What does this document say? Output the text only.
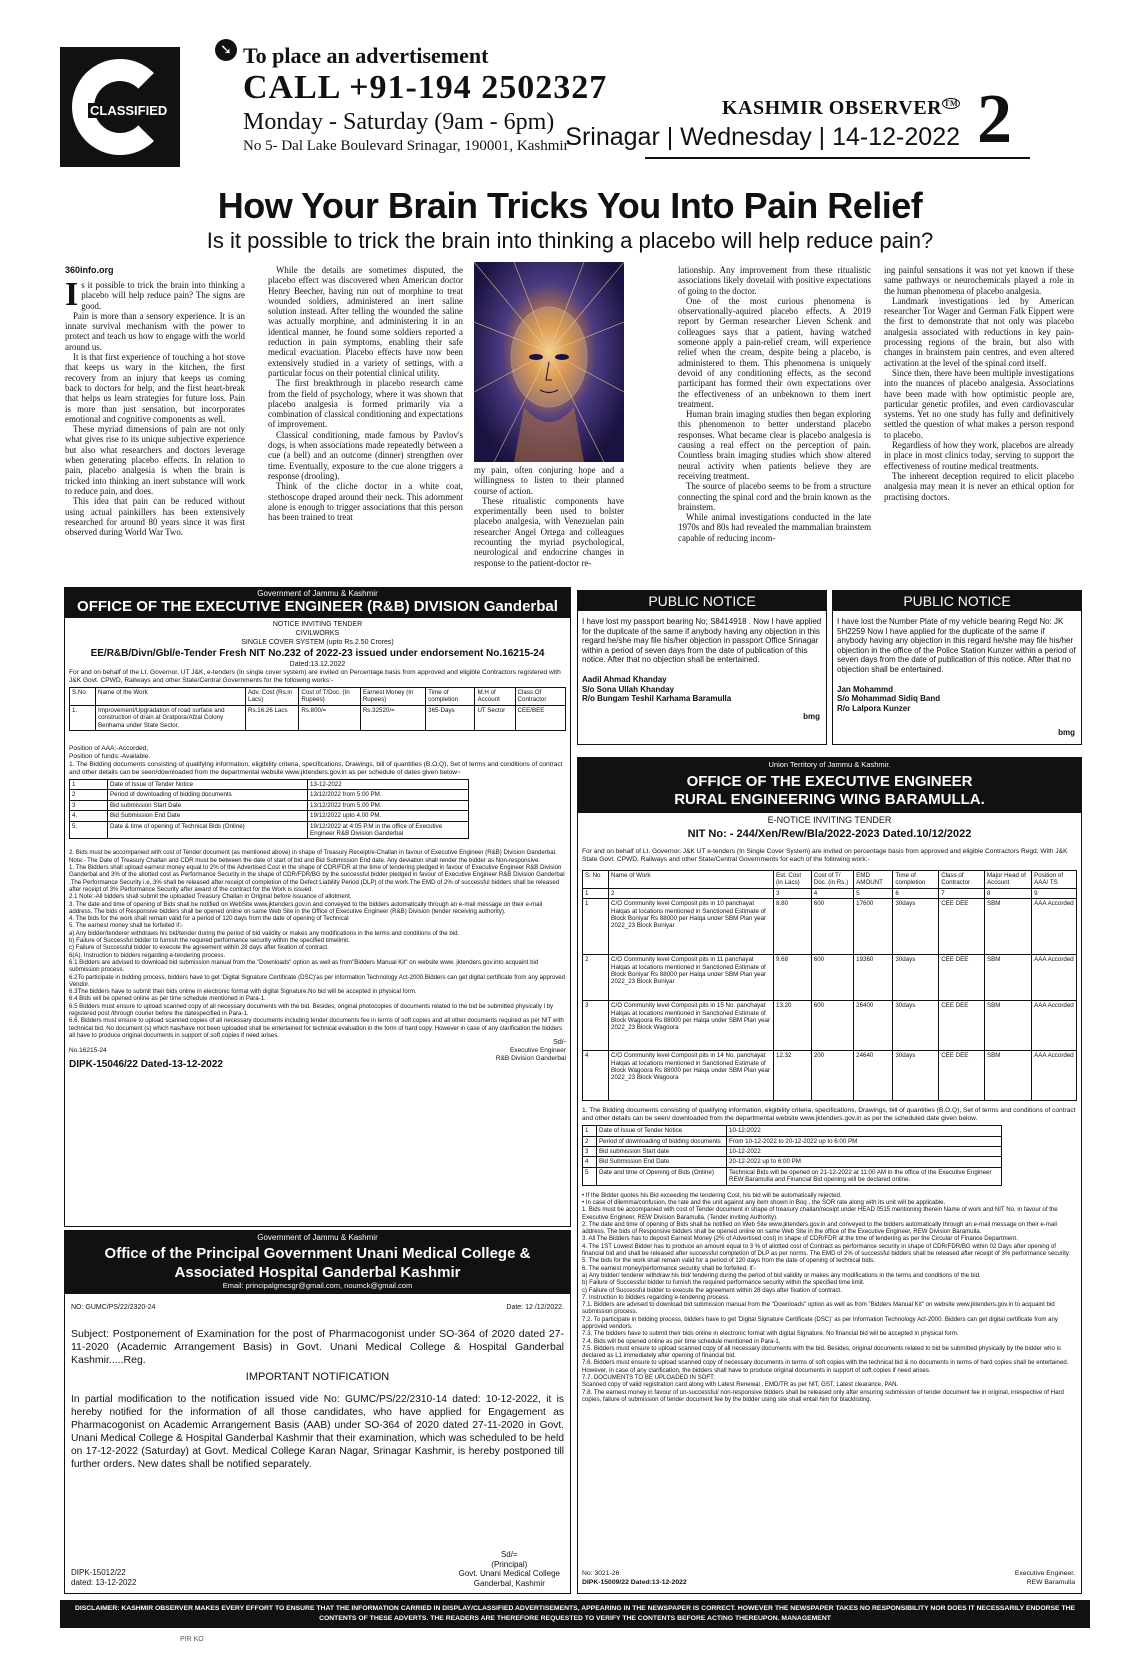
CLASSIFIED
➘ To place an advertisement
CALL +91-194 2502327
Monday - Saturday (9am - 6pm)
No 5- Dal Lake Boulevard Srinagar, 190001, Kashmir
KASHMIR OBSERVER ™
Srinagar | Wednesday | 14-12-2022 2
How Your Brain Tricks You Into Pain Relief
Is it possible to trick the brain into thinking a placebo will help reduce pain?
360info.org
I s it possible to trick the brain into thinking a placebo will help reduce pain? The signs are good.

Pain is more than a sensory experience. It is an innate survival mechanism with the power to protect and teach us how to engage with the world around us.

It is that first experience of touching a hot stove that keeps us wary in the kitchen, the first recovery from an injury that keeps us coming back to doctors for help, and the first heart-break that helps us learn strategies for future loss. Pain is more than just sensation, but incorporates emotional and cognitive components as well.

These myriad dimensions of pain are not only what gives rise to its unique subjective experience but also what researchers and doctors leverage when generating placebo effects. In relation to pain, placebo analgesia is when the brain is tricked into thinking an inert substance will work to reduce pain, and does.

This idea that pain can be reduced without using actual painkillers has been extensively researched for around 80 years since it was first observed during World War Two.

While the details are sometimes disputed, the placebo effect was discovered when American doctor Henry Beecher, having run out of morphine to treat wounded soldiers, administered an inert saline solution instead. After telling the wounded the saline was actually morphine, and administering it in an identical manner, he found some soldiers reported a reduction in pain symptoms, enabling their safe medical evacuation. Placebo effects have now been extensively studied in a variety of settings, with a particular focus on their potential clinical utility.

The first breakthrough in placebo research came from the field of psychology, where it was shown that placebo analgesia is formed primarily via a combination of classical conditioning and expectations of improvement.

Classical conditioning, made famous by Pavlov's dogs, is when associations made repeatedly between a cue (a bell) and an outcome (dinner) strengthen over time. Eventually, exposure to the cue alone triggers a response (drooling).

Think of the cliche doctor in a white coat, stethoscope draped around their neck. This adornment alone is enough to trigger associations that this person has been trained to treat

my pain, often conjuring hope and a willingness to listen to their planned course of action.

These ritualistic components have experimentally been used to bolster placebo analgesia, with Venezuelan pain researcher Angel Ortega and colleagues recounting the myriad psychological, neurological and endocrine changes in response to the patient-doctor re-

lationship. Any improvement from these ritualistic associations likely dovetail with positive expectations of going to the doctor.

One of the most curious phenomena is observationally-aquired placebo effects. A 2019 report by German researcher Lieven Schenk and colleagues says that a patient, having watched someone apply a pain-relief cream, will experience relief when the cream, despite being a placebo, is administered to them. This phenomena is uniquely devoid of any conditioning effects, as the second participant has formed their own expectations over the effectiveness of an unbeknown to them inert treatment.

Human brain imaging studies then began exploring this phenomenon to better understand placebo responses. What became clear is placebo analgesia is causing a real effect on the perception of pain. Countless brain imaging studies which show altered neural activity when patients believe they are receiving treatment.

The source of placebo seems to be from a structure connecting the spinal cord and the brain known as the brainstem.

While animal investigations conducted in the late 1970s and 80s had revealed the mammalian brainstem capable of reducing incom-

ing painful sensations it was not yet known if these same pathways or neurochemicals played a role in the human phenomena of placebo analgesia.

Landmark investigations led by American researcher Tor Wager and German Falk Eippert were the first to demonstrate that not only was placebo analgesia associated with reductions in key pain-processing regions of the brain, but also with changes in brainstem pain centres, and even altered activation at the level of the spinal cord itself.

Since then, there have been multiple investigations into the nuances of placebo analgesia. Associations have been made with how optimistic people are, particular genetic profiles, and even cardiovascular systems. Yet no one study has fully and definitively settled the question of what makes a person respond to placebo.

Regardless of how they work, placebos are already in place in most clinics today, serving to support the effectiveness of routine medical treatments.

The inherent deception required to elicit placebo analgesia may mean it is never an ethical option for practising doctors.

Government of Jammu & Kashmir
OFFICE OF THE EXECUTIVE ENGINEER (R&B) DIVISION Ganderbal
NOTICE INVITING TENDER
CIVILWORKS
SINGLE COVER SYSTEM (upto Rs.2.50 Crores)
EE/R&B/Divn/Gbl/e-Tender Fresh NIT No.232 of 2022-23 issued under endorsement No.16215-24
Dated:13.12.2022
For and on behalf of the Lt. Governor, UT J&K, e-tenders (In single cover system) are invited on Percentage basis from approved and eligible Contractors registered with J&K Govt. CPWD, Railways and other State/Central Governments for the following works:-
S.No	Name of the Work	Adv. Cost (Rs.in Lacs)	Cost of T/Doc. (In Rupees)	Earnest Money (In Rupees)	Time of completion	M.H of Account	Class Of Contractor
1.	Improvement/Upgradation of road surface and construction of drain at Gratpora/Afzal Colony Benhama under State Sector.	Rs.16.26 Lacs	Rs.800/=	Rs.32520/=	365-Days	UT Sector	CEE/BEE
Position of AAA:-Accorded,
Position of funds:-Available.
1. The Bidding documents consisting of qualifying information, eligibility criteria, specifications, Drawings, bill of quantities (B.O.Q), Set of terms and conditions of contract and other details can be seen/downloaded from the departmental website www.jktenders.gov.in as per schedule of dates given below~
1	Date of Issue of Tender Notice	13-12-2022
2	Period of downloading of bidding documents	13/12/2022 from 5:00 PM.
3	Bid submission Start Date	13/12/2022 from 5.00 PM.
4.	Bid Submission End Date	19/12/2022 upto 4.00 PM.
5.	Date & time of opening of Technical Bids (Online)	19/12/2022 at 4:05 P.M in the office of Executive Engineer R&B Division Ganderbal
2. Bids must be accompanied with cost of Tender document (as mentioned above) in shape of Treasury Receipt/e-Challan in favour of Executive Engineer (R&B) Division Ganderbal.
Note:- The Date of Treasury Challan and CDR must be between the date of start of bid and Bid Submission End date. Any deviation shall render the bidder as Non-responsive.
1. The Bidders shall upload earnest money equal to 2% of the Advertised Cost in the shape of CDR/FDR at the time of tendering pledged in favour of Executive Engineer R&B Division Ganderbal and 3% of the allotted cost as Performance Security in the shape of CDR/FDR/BG by the successful bidder pledged in favour of Executive Engineer R&B Division Ganderbal .The Performance Security i.e, 3% shall be released after receipt of completion of the Defect Liability Period (DLP) of the work.The EMD of 2% of successful bidders shall be released after receipt of 3% Performance Security after award of the contract for the Work is issued.
2.1 Note:-All bidders shall submit the uploaded Treasury Challan in Original before issuance of allotment.
3. The date and time of opening of Bids shall be notified on WebSite www.jktenders.gov.in and conveyed to the bidders automatically through an e-mail message on their e-mail address. The bids of Responsive bidders shall be opened online on same Web Site in the Office of Executive Engineer (R&B) Division (tender receiving authority).
4. The bids for the work shall remain valid for a period of 120 days from the date of opening of Technical
5. The earnest money shall be forfeited if:-
a) Any bidder/tenderer withdraws his bid/tender during the period of bid validity or makes any modifications in the terms and conditions of the bid.
b) Failure of Successful bidder to furnish the required performance security within the specified timelimit.
c) Failure of Successful bidder to execute the agreement within 28 days after fixation of contract.
6(A). Instruction to bidders regarding e-tendering process.
6.1 Bidders are advised to download bid submission manual from the "Downloads" option as well as from"Bidders Manual Kit" on website www. jktenders.gov.into acquaint bid submission process.
6.2To participate in bidding process, bidders have to get 'Digital Signature Certificate (DSC)'as per information Technology Act-2000.Bidders can get digital certificate from any approved Vendor.
6.3The bidders have to submit their bids online in electronic format with digital Signature.No bid will be accepted in physical form.
6.4 Bids will be opened online as per time schedule mentioned in Para-1.
6.5 Bidders must ensure to upload scanned copy of all necessary documents with the bid. Besides, original photocopies of documents related to the bid be submitted physically l by registered post /through courier before the datespecified in Para-1.
6.6. Bidders must ensure to upload scanned copies of all necessary documents including tender documents fee in terms of soft copies and all other documents required as per NIT with technical bid. No document (s) which has/have not been uploaded shall be entertained for technical evaluation in the form of hard copy. However in case of any clarification the bidders all have to produce original documents in support of soft copies if need arises.
Sd/-
No.16215-24	Executive Engineer
R&B Division Ganderbal
DIPK-15046/22 Dated-13-12-2022
Government of Jammu & Kashmir
Office of the Principal Government Unani Medical College &
Associated Hospital Ganderbal Kashmir
Email: principalgmcsgr@gmail.com, noumck@gmail.com
NO: GUMC/PS/22/2320-24	Date: 12 /12/2022.
Subject: Postponement of Examination for the post of Pharmacogonist under SO-364 of 2020 dated 27-11-2020 (Academic Arrangement Basis) in Govt. Unani Medical College & Hospital Ganderbal Kashmir.....Reg.
IMPORTANT NOTIFICATION
In partial modification to the notification issued vide No: GUMC/PS/22/2310-14 dated: 10-12-2022, it is hereby notified for the information of all those candidates, who have applied for Engagement as Pharmacogonist on Academic Arrangement Basis (AAB) under SO-364 of 2020 dated 27-11-2020 in Govt. Unani Medical College & Hospital Ganderbal Kashmir that their examination, which was scheduled to be held on 17-12-2022 (Saturday) at Govt. Medical College Karan Nagar, Srinagar Kashmir, is hereby postponed till further orders. New dates shall be notified separately.
Sd/=
(Principal)
Govt. Unani Medical College
Ganderbal, Kashmir
DIPK-15012/22
dated: 13-12-2022
PUBLIC NOTICE
I have lost my passport bearing No; S8414918 . Now I have applied for the duplicate of the same if anybody having any objection in this regard he/she may file his/her objection in passport Office Srinagar within a period of seven days from the date of publication of this notice. After that no objection shall be entertained.
Aadil Ahmad Khanday
S/o Sona Ullah Khanday
R/o Bungam Teshil Karhama Baramulla
bmg
PUBLIC NOTICE
I have lost the Number Plate of my vehicle bearing Regd No: JK 5H2259 Now I have applied for the duplicate of the same if anybody having any objection in this regard he/she may file his/her objection in the office of the Police Station Kunzer within a period of seven days from the date of publication of this notice. After that no objection shall be entertained.
Jan Mohammd
S/o Mohammad Sidiq Band
R/o Lalpora Kunzer
bmg
Union Territory of Jammu & Kashmir.
OFFICE OF THE EXECUTIVE ENGINEER
RURAL ENGINEERING WING BARAMULLA.
E-NOTICE INVITING TENDER
NIT No: - 244/Xen/Rew/Bla/2022-2023 Dated.10/12/2022
For and on behalf of Lt. Governor, J&K UT e-tenders (In Single Cover System) are invited on percentage basis from approved and eligible Contractors Regd. With J&K State Govt. CPWD, Railways and other State/Central Governments for each of the following work:-
S. No	Name of Work	Est. Cost (in Lacs)	Cost of T/ Doc. (in Rs.)	EMD AMOUNT	Time of completion	Class of Contractor	Major Head of Account	Position of AAA/ TS
1	2	3	4	5	6	7	8	9
1	C/O Community level Composit pits in 10 panchayat Halqas at locations mentioned in Sanctioned Estimate of Block Boniyar Rs 88000 per Halqa under SBM Plan year 2022_23 Block Boniyar	8.80	600	17600	30days	CEE DEE	SBM	AAA Accorded
2	C/O Community level Composit pits in 11 panchayat Halqas at locations mentioned in Sanctioned Estimate of Block Boniyar Rs 88000 per Halqa under SBM Plan year 2022_23 Block Boniyar	9.68	600	19360	30days	CEE DEE	SBM	AAA Accorded
3	C/O Community level Composit pits in 15 No. panchayat Halqas at locations mentioned in Sanctioned Estimate of Block Wagoora Rs 88000 per Halqa under SBM Plan year 2022_23 Block Wagoora	13.20	600	26400	30days	CEE DEE	SBM	AAA Accorded
4	C/O Community level Composit pits in 14 No. panchayat Halqas at locations mentioned in Sanctioned Estimate of Block Wagoora Rs 88000 per Halqa under SBM Plan year 2022_23 Block Wagoora	12.32	200	24640	30days	CEE DEE	SBM	AAA Accorded
1. The Bidding documents consisting of qualifying information, eligibility criteria, specifications, Drawings, bill of quantities (B.O.Q), Set of terms and conditions of contract and other details can be seen/ downloaded from the departmental website www.jktenders.gov.in as per the scheduled date given below.
1	Date of Issue of Tender Notice	10-12-2022
2	Period of downloading of bidding documents	From 10-12-2022 to 20-12-2022 up to 6:00 PM
3	Bid submission Start date	10-12-2022
4	Bid Submission End Date	20-12-2022 up to 6:00 PM
5	Date and time of Opening of Bids (Online)	Technical Bids will be opened on 21-12-2022 at 11:00 AM in the office of the Executive Engineer REW Baramulla and Financial Bid opening will be declared online.
• If the Bidder quotes his Bid exceeding the tendering Cost, his bid will be automatically rejected.
• In case of dilemma/confusion, the rate and the unit against any item shown in Boq , the SOR rate along with its unit will be applicable.
1. Bids must be accompanied with cost of Tender document in shape of treasury challan/receipt under HEAD 0515 mentioning therein Name of work and NIT No. in favour of the Executive Engineer, REW Division Baramulla. (Tender inviting Authority).
2. The date and time of opening of Bids shall be notified on Web Site www.jktenders.gov.in and conveyed to the bidders automatically through an e-mail message on their e-mail address. The bids of Responsive bidders shall be opened online on same Web Site in the office of the Executive Engineer, REW Division Baramulla.
3. All The Bidders has to deposit Earnest Money (2% of Advertised cost) in shape of CDR/FDR at the time of tendering as per the Circular of Finance Department.
4. The 1ST Lowest Bidder has to produce an amount equal to 3 % of allotted cost of Contract as performance security in shape of CDR/FDR/BG within 02 Days after opening of financial bid and shall be released after successful completion of DLP as per norms. The EMD of 2% of successful bidders shall be released after receipt of 3% performance security.
5. The bids for the work shall remain valid for a period of 120 days from the date of opening of technical bids.
6. The earnest money/performance security shall be forfeited, if:-
a) Any bidder/ tenderer withdraw his bid/ tendering during the period of bid validity or makes any modifications in the terms and conditions of the bid.
b) Failure of Successful bidder to furnish the required performance security within the specified time limit.
c) Failure of Successful bidder to execute the agreement within 28 days after fixation of contract.
7. Instruction to bidders regarding e-tendering process.
7.1. Bidders are advised to download bid submission manual from the "Downloads" option as well as from "Bidders Manual Kit" on website www.jktenders.gov.in to acquaint bid submission process.
7.2. To participate in bidding process, bidders have to get 'Digital Signature Certificate (DSC)' as per Information Technology Act-2000. Bidders can get digital certificate from any approved vendors.
7.3. The bidders have to submit their bids online in electronic format with digital Signature. No financial bid will be accepted in physical form.
7.4. Bids will be opened online as per time schedule mentioned in Para-1.
7.5. Bidders must ensure to upload scanned copy of all necessary documents with the bid. Besides, original documents related to bid be submitted physically by the bidder who is declared as L1 immediately after opening of financial bid.
7.6. Bidders must ensure to upload scanned copy of necessary documents in terms of soft copies with the technical bid & no documents in terms of hard copies shall be entertained. However, in case of any clarification, the bidders shall have to produce original documents in support of soft copies if need arises.
7.7. DOCUMENTS TO BE UPLOADED IN SOFT:
Scanned copy of valid registration card along with Latest Renewal , EMD/TR as per NIT, GST, Latest clearance, PAN.
7.8. The earnest money in favour of un-successful/ non-responsive bidders shall be released only after ensuring submission of tender document fee in original, irrespective of Hard copies, failure of submission of tender document fee by the bidder using site shall entail him for blacklisting.
No: 3021-26
DIPK-15009/22 Dated:13-12-2022
Executive Engineer.
REW Baramulla
DISCLAIMER: KASHMIR OBSERVER MAKES EVERY EFFORT TO ENSURE THAT THE INFORMATION CARRIED IN DISPLAY/CLASSIFIED ADVERTISEMENTS, APPEARING IN THE NEWSPAPER IS CORRECT. HOWEVER THE NEWSPAPER TAKES NO RESPONSIBILITY NOR DOES IT NECESSARILY ENDORSE THE CONTENTS OF THESE ADVERTS. THE READERS ARE THEREFORE REQUESTED TO VERIFY THE CONTENTS BEFORE ACTING THEREUPON. MANAGEMENT
PIR KO
